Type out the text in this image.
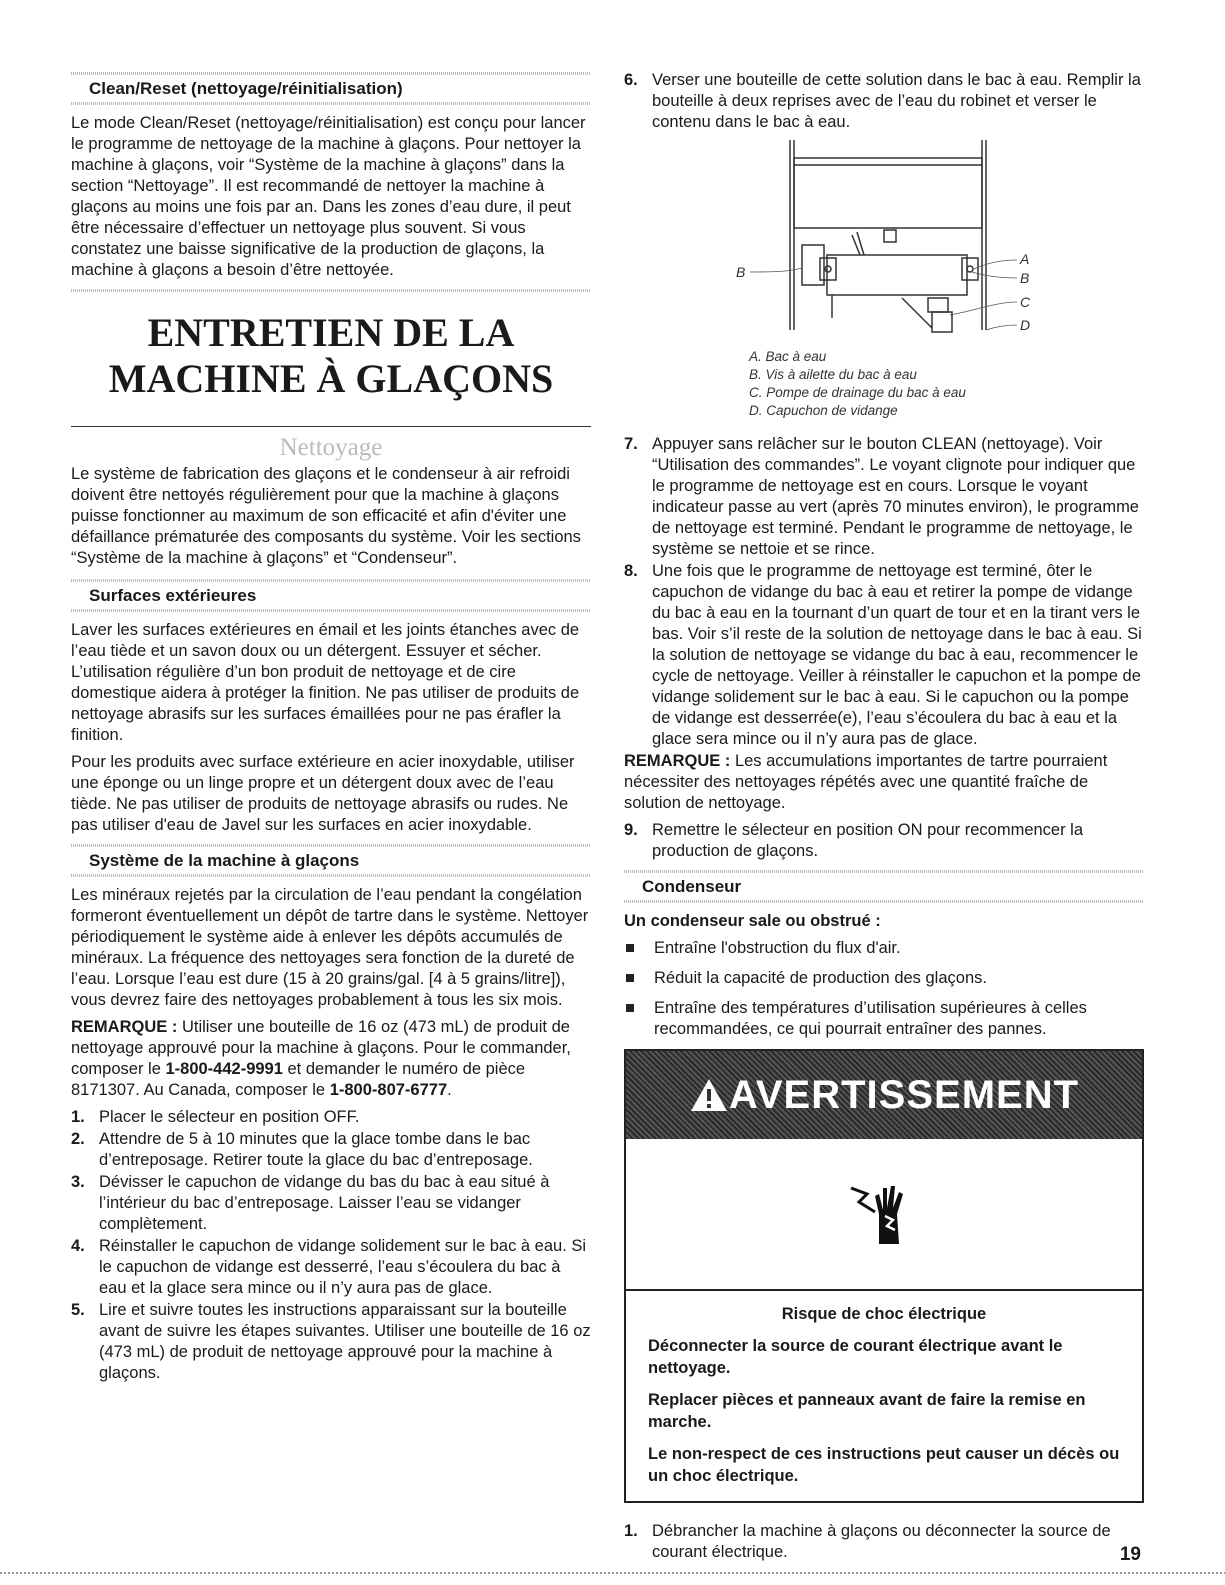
Clean/Reset (nettoyage/réinitialisation)

Le mode Clean/Reset (nettoyage/réinitialisation) est conçu pour lancer le programme de nettoyage de la machine à glaçons. Pour nettoyer la machine à glaçons, voir “Système de la machine à glaçons” dans la section “Nettoyage”. Il est recommandé de nettoyer la machine à glaçons au moins une fois par an. Dans les zones d’eau dure, il peut être nécessaire d’effectuer un nettoyage plus souvent. Si vous constatez une baisse significative de la production de glaçons, la machine à glaçons a besoin d’être nettoyée.

ENTRETIEN DE LA
MACHINE À GLAÇONS
Nettoyage

Le système de fabrication des glaçons et le condenseur à air refroidi doivent être nettoyés régulièrement pour que la machine à glaçons puisse fonctionner au maximum de son efficacité et afin d'éviter une défaillance prématurée des composants du système. Voir les sections “Système de la machine à glaçons” et “Condenseur”.

Surfaces extérieures

Laver les surfaces extérieures en émail et les joints étanches avec de l’eau tiède et un savon doux ou un détergent. Essuyer et sécher. L’utilisation régulière d’un bon produit de nettoyage et de cire domestique aidera à protéger la finition. Ne pas utiliser de produits de nettoyage abrasifs sur les surfaces émaillées pour ne pas érafler la finition.

Pour les produits avec surface extérieure en acier inoxydable, utiliser une éponge ou un linge propre et un détergent doux avec de l’eau tiède. Ne pas utiliser de produits de nettoyage abrasifs ou rudes. Ne pas utiliser d'eau de Javel sur les surfaces en acier inoxydable.

Système de la machine à glaçons

Les minéraux rejetés par la circulation de l’eau pendant la congélation formeront éventuellement un dépôt de tartre dans le système. Nettoyer périodiquement le système aide à enlever les dépôts accumulés de minéraux. La fréquence des nettoyages sera fonction de la dureté de l’eau. Lorsque l’eau est dure (15 à 20 grains/gal. [4 à 5 grains/litre]), vous devrez faire des nettoyages probablement à tous les six mois.

REMARQUE : Utiliser une bouteille de 16 oz (473 mL) de produit de nettoyage approuvé pour la machine à glaçons. Pour le commander, composer le 1-800-442-9991 et demander le numéro de pièce 8171307. Au Canada, composer le 1-800-807-6777.

1. Placer le sélecteur en position OFF.
2. Attendre de 5 à 10 minutes que la glace tombe dans le bac d’entreposage. Retirer toute la glace du bac d’entreposage.
3. Dévisser le capuchon de vidange du bas du bac à eau situé à l’intérieur du bac d’entreposage. Laisser l’eau se vidanger complètement.
4. Réinstaller le capuchon de vidange solidement sur le bac à eau. Si le capuchon de vidange est desserré, l’eau s’écoulera du bac à eau et la glace sera mince ou il n’y aura pas de glace.
5. Lire et suivre toutes les instructions apparaissant sur la bouteille avant de suivre les étapes suivantes. Utiliser une bouteille de 16 oz (473 mL) de produit de nettoyage approuvé pour la machine à glaçons.
6. Verser une bouteille de cette solution dans le bac à eau. Remplir la bouteille à deux reprises avec de l’eau du robinet et verser le contenu dans le bac à eau.
B
A
B
C
D
A. Bac à eau
B. Vis à ailette du bac à eau
C. Pompe de drainage du bac à eau
D. Capuchon de vidange
7. Appuyer sans relâcher sur le bouton CLEAN (nettoyage). Voir “Utilisation des commandes”. Le voyant clignote pour indiquer que le programme de nettoyage est en cours. Lorsque le voyant indicateur passe au vert (après 70 minutes environ), le programme de nettoyage est terminé. Pendant le programme de nettoyage, le système se nettoie et se rince.
8. Une fois que le programme de nettoyage est terminé, ôter le capuchon de vidange du bac à eau et retirer la pompe de vidange du bac à eau en la tournant d’un quart de tour et en la tirant vers le bas. Voir s’il reste de la solution de nettoyage dans le bac à eau. Si la solution de nettoyage se vidange du bac à eau, recommencer le cycle de nettoyage. Veiller à réinstaller le capuchon et la pompe de vidange solidement sur le bac à eau. Si le capuchon ou la pompe de vidange est desserrée(e), l’eau s’écoulera du bac à eau et la glace sera mince ou il n’y aura pas de glace.

REMARQUE : Les accumulations importantes de tartre pourraient nécessiter des nettoyages répétés avec une quantité fraîche de solution de nettoyage.

9. Remettre le sélecteur en position ON pour recommencer la production de glaçons.
Condenseur

Un condenseur sale ou obstrué :

Entraîne l'obstruction du flux d'air.
Réduit la capacité de production des glaçons.
Entraîne des températures d’utilisation supérieures à celles recommandées, ce qui pourrait entraîner des pannes.
AVERTISSEMENT

Risque de choc électrique

Déconnecter la source de courant électrique avant le nettoyage.

Replacer pièces et panneaux avant de faire la remise en marche.

Le non-respect de ces instructions peut causer un décès ou un choc électrique.

1. Débrancher la machine à glaçons ou déconnecter la source de courant électrique.	19
